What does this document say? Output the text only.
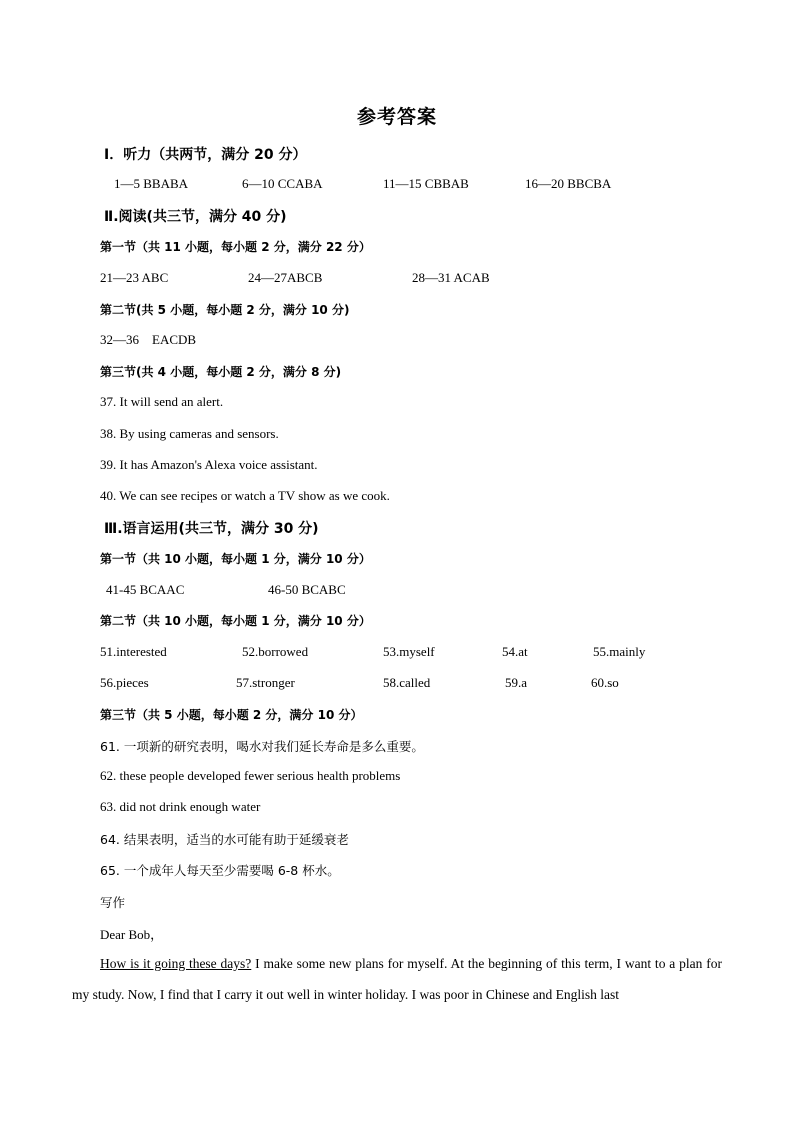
参考答案
Ⅰ．听力（共两节，满分 20 分）
1—5 BBABA	6—10 CCABA	11—15 CBBAB	16—20 BBCBA
Ⅱ.阅读(共三节，满分 40 分)
第一节（共 11 小题，每小题 2 分，满分 22 分）
21—23 ABC	24—27ABCB	28—31 ACAB
第二节(共 5 小题，每小题 2 分，满分 10 分)
32—36    EACDB
第三节(共 4 小题，每小题 2 分，满分 8 分)
37. It will send an alert.
38. By using cameras and sensors.
39. It has Amazon's Alexa voice assistant.
40. We can see recipes or watch a TV show as we cook.
Ⅲ.语言运用(共三节，满分 30 分)
第一节（共 10 小题，每小题 1 分，满分 10 分）
41-45 BCAAC	46-50 BCABC
第二节（共 10 小题，每小题 1 分，满分 10 分）
51.interested	52.borrowed	53.myself	54.at	55.mainly
56.pieces	57.stronger	58.called	59.a	60.so
第三节（共 5 小题，每小题 2 分，满分 10 分）
61. 一项新的研究表明，喝水对我们延长寿命是多么重要。
62. these people developed fewer serious health problems
63. did not drink enough water
64. 结果表明，适当的水可能有助于延缓衰老
65. 一个成年人每天至少需要喝 6-8 杯水。
写作
Dear Bob，
How is it going these days? I make some new plans for myself. At the beginning of this term, I want to a plan for my study. Now, I find that I carry it out well in winter holiday. I was poor in Chinese and English last
